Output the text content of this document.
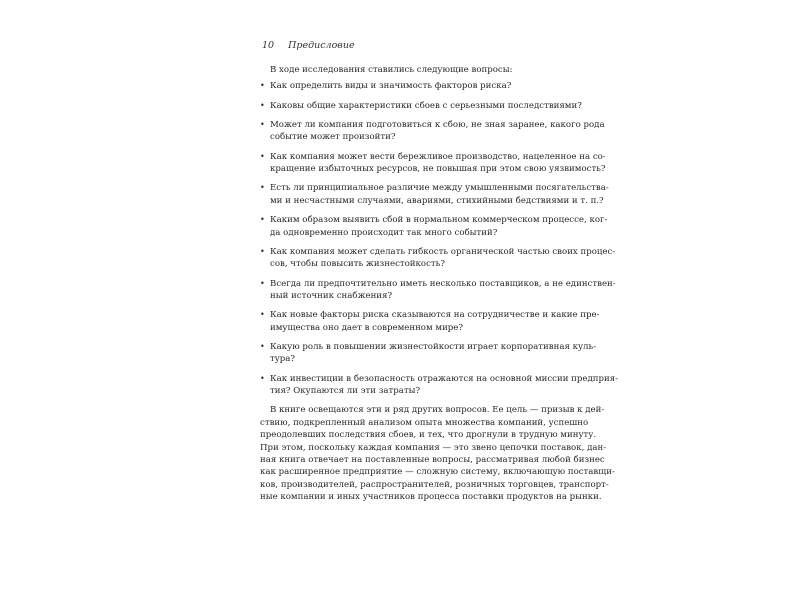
10 Предисловие
В ходе исследования ставились следующие вопросы:
• Как определить виды и значимость факторов риска?
• Каковы общие характеристики сбоев с серьезными последствиями?
• Может ли компания подготовиться к сбою, не зная заранее, какого рода
событие может произойти?
• Как компания может вести бережливое производство, нацеленное на со-
кращение избыточных ресурсов, не повышая при этом свою уязвимость?
• Есть ли принципиальное различие между умышленными посягательства-
ми и несчастными случаями, авариями, стихийными бедствиями и т. п.?
• Каким образом выявить сбой в нормальном коммерческом процессе, ког-
да одновременно происходит так много событий?
• Как компания может сделать гибкость органической частью своих процес-
сов, чтобы повысить жизнестойкость?
• Всегда ли предпочтительно иметь несколько поставщиков, а не единствен-
ный источник снабжения?
• Как новые факторы риска сказываются на сотрудничестве и какие пре-
имущества оно дает в современном мире?
• Какую роль в повышении жизнестойкости играет корпоративная куль-
тура?
• Как инвестиции в безопасность отражаются на основной миссии предприя-
тия? Окупаются ли эти затраты?
В книге освещаются эти и ряд других вопросов. Ее цель — призыв к дей-
ствию, подкрепленный анализом опыта множества компаний, успешно
преодолевших последствия сбоев, и тех, что дрогнули в трудную минуту.
При этом, поскольку каждая компания — это звено цепочки поставок, дан-
ная книга отвечает на поставленные вопросы, рассматривая любой бизнес
как расширенное предприятие — сложную систему, включающую поставщи-
ков, производителей, распространителей, розничных торговцев, транспорт-
ные компании и иных участников процесса поставки продуктов на рынки.
